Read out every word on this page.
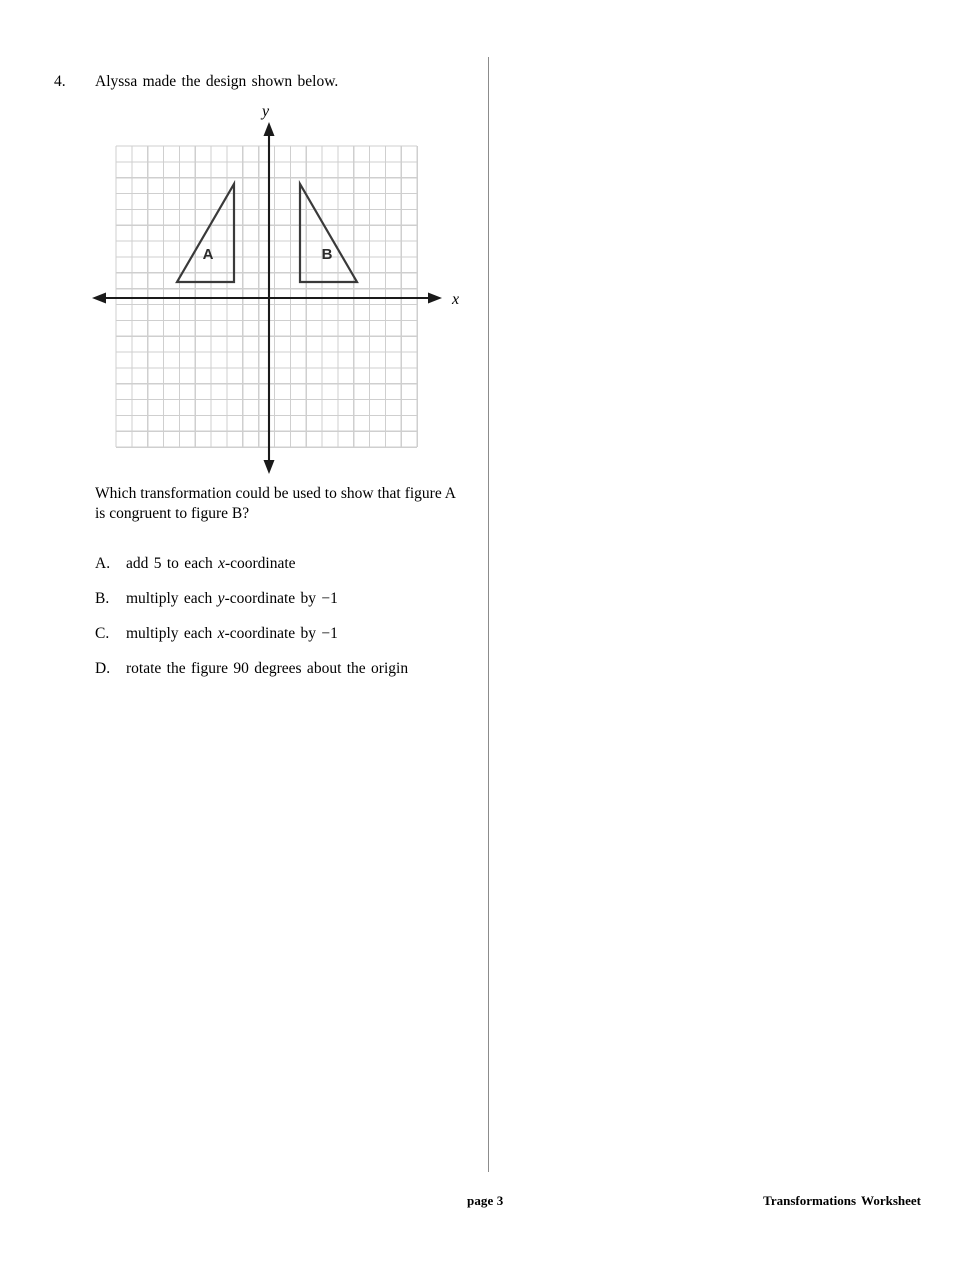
4. Alyssa made the design shown below.
A	B
x
y
Which transformation could be used to show that figure A is congruent to figure B?
A.	add 5 to each x-coordinate
B.	multiply each y-coordinate by −1
C.	multiply each x-coordinate by −1
D.	rotate the figure 90 degrees about the origin
page 3	Transformations Worksheet
